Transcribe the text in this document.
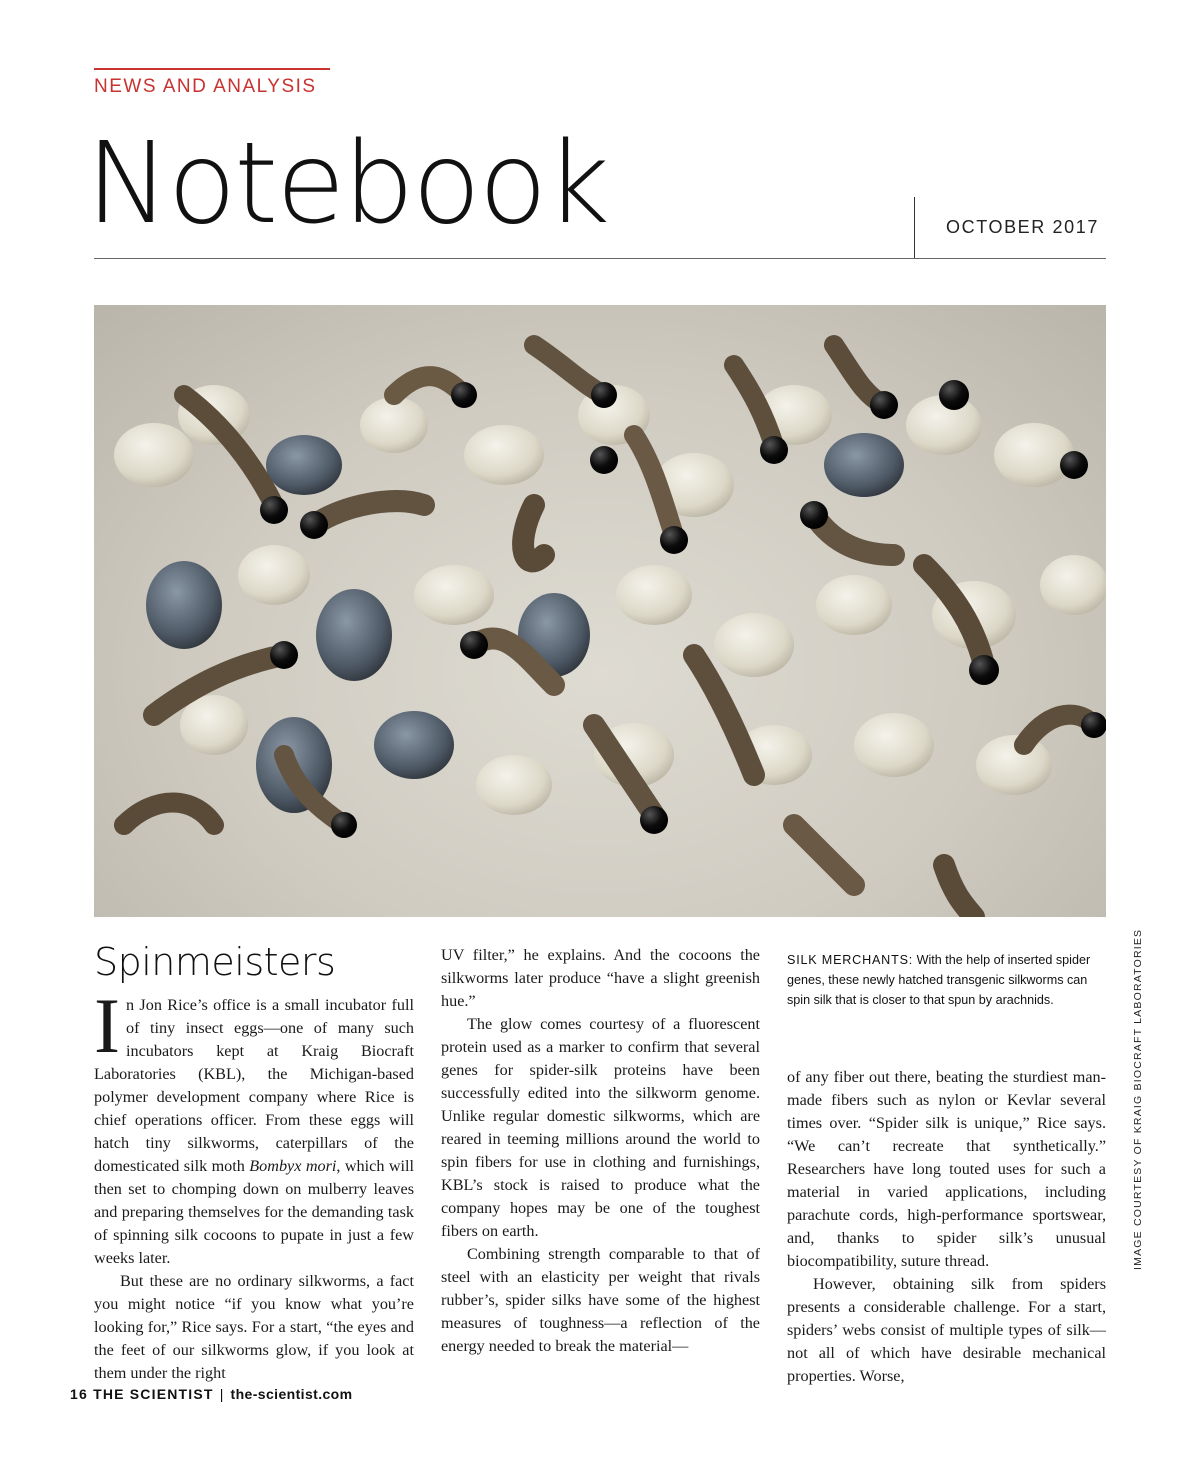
NEWS AND ANALYSIS
Notebook	OCTOBER 2017
Spinmeisters

In Jon Rice’s office is a small incubator full of tiny insect eggs—one of many such incubators kept at Kraig Biocraft Laboratories (KBL), the Michigan-based polymer development company where Rice is chief operations officer. From these eggs will hatch tiny silkworms, caterpillars of the domesticated silk moth Bombyx mori, which will then set to chomping down on mulberry leaves and preparing themselves for the demanding task of spinning silk cocoons to pupate in just a few weeks later.

But these are no ordinary silkworms, a fact you might notice “if you know what you’re looking for,” Rice says. For a start, “the eyes and the feet of our silkworms glow, if you look at them under the right

UV filter,” he explains. And the cocoons the silkworms later produce “have a slight greenish hue.”

The glow comes courtesy of a fluorescent protein used as a marker to confirm that several genes for spider-silk proteins have been successfully edited into the silkworm genome. Unlike regular domestic silkworms, which are reared in teeming millions around the world to spin fibers for use in clothing and furnishings, KBL’s stock is raised to produce what the company hopes may be one of the toughest fibers on earth.

Combining strength comparable to that of steel with an elasticity per weight that rivals rubber’s, spider silks have some of the highest measures of toughness—a reflection of the energy needed to break the material—

SILK MERCHANTS: With the help of inserted spider genes, these newly hatched transgenic silkworms can spin silk that is closer to that spun by arachnids.

of any fiber out there, beating the sturdiest man-made fibers such as nylon or Kevlar several times over. “Spider silk is unique,” Rice says. “We can’t recreate that synthetically.” Researchers have long touted uses for such a material in varied applications, including parachute cords, high-performance sportswear, and, thanks to spider silk’s unusual biocompatibility, suture thread.

However, obtaining silk from spiders presents a considerable challenge. For a start, spiders’ webs consist of multiple types of silk—not all of which have desirable mechanical properties. Worse,

IMAGE COURTESY OF KRAIG BIOCRAFT LABORATORIES
16 THE SCIENTIST | the-scientist.com
